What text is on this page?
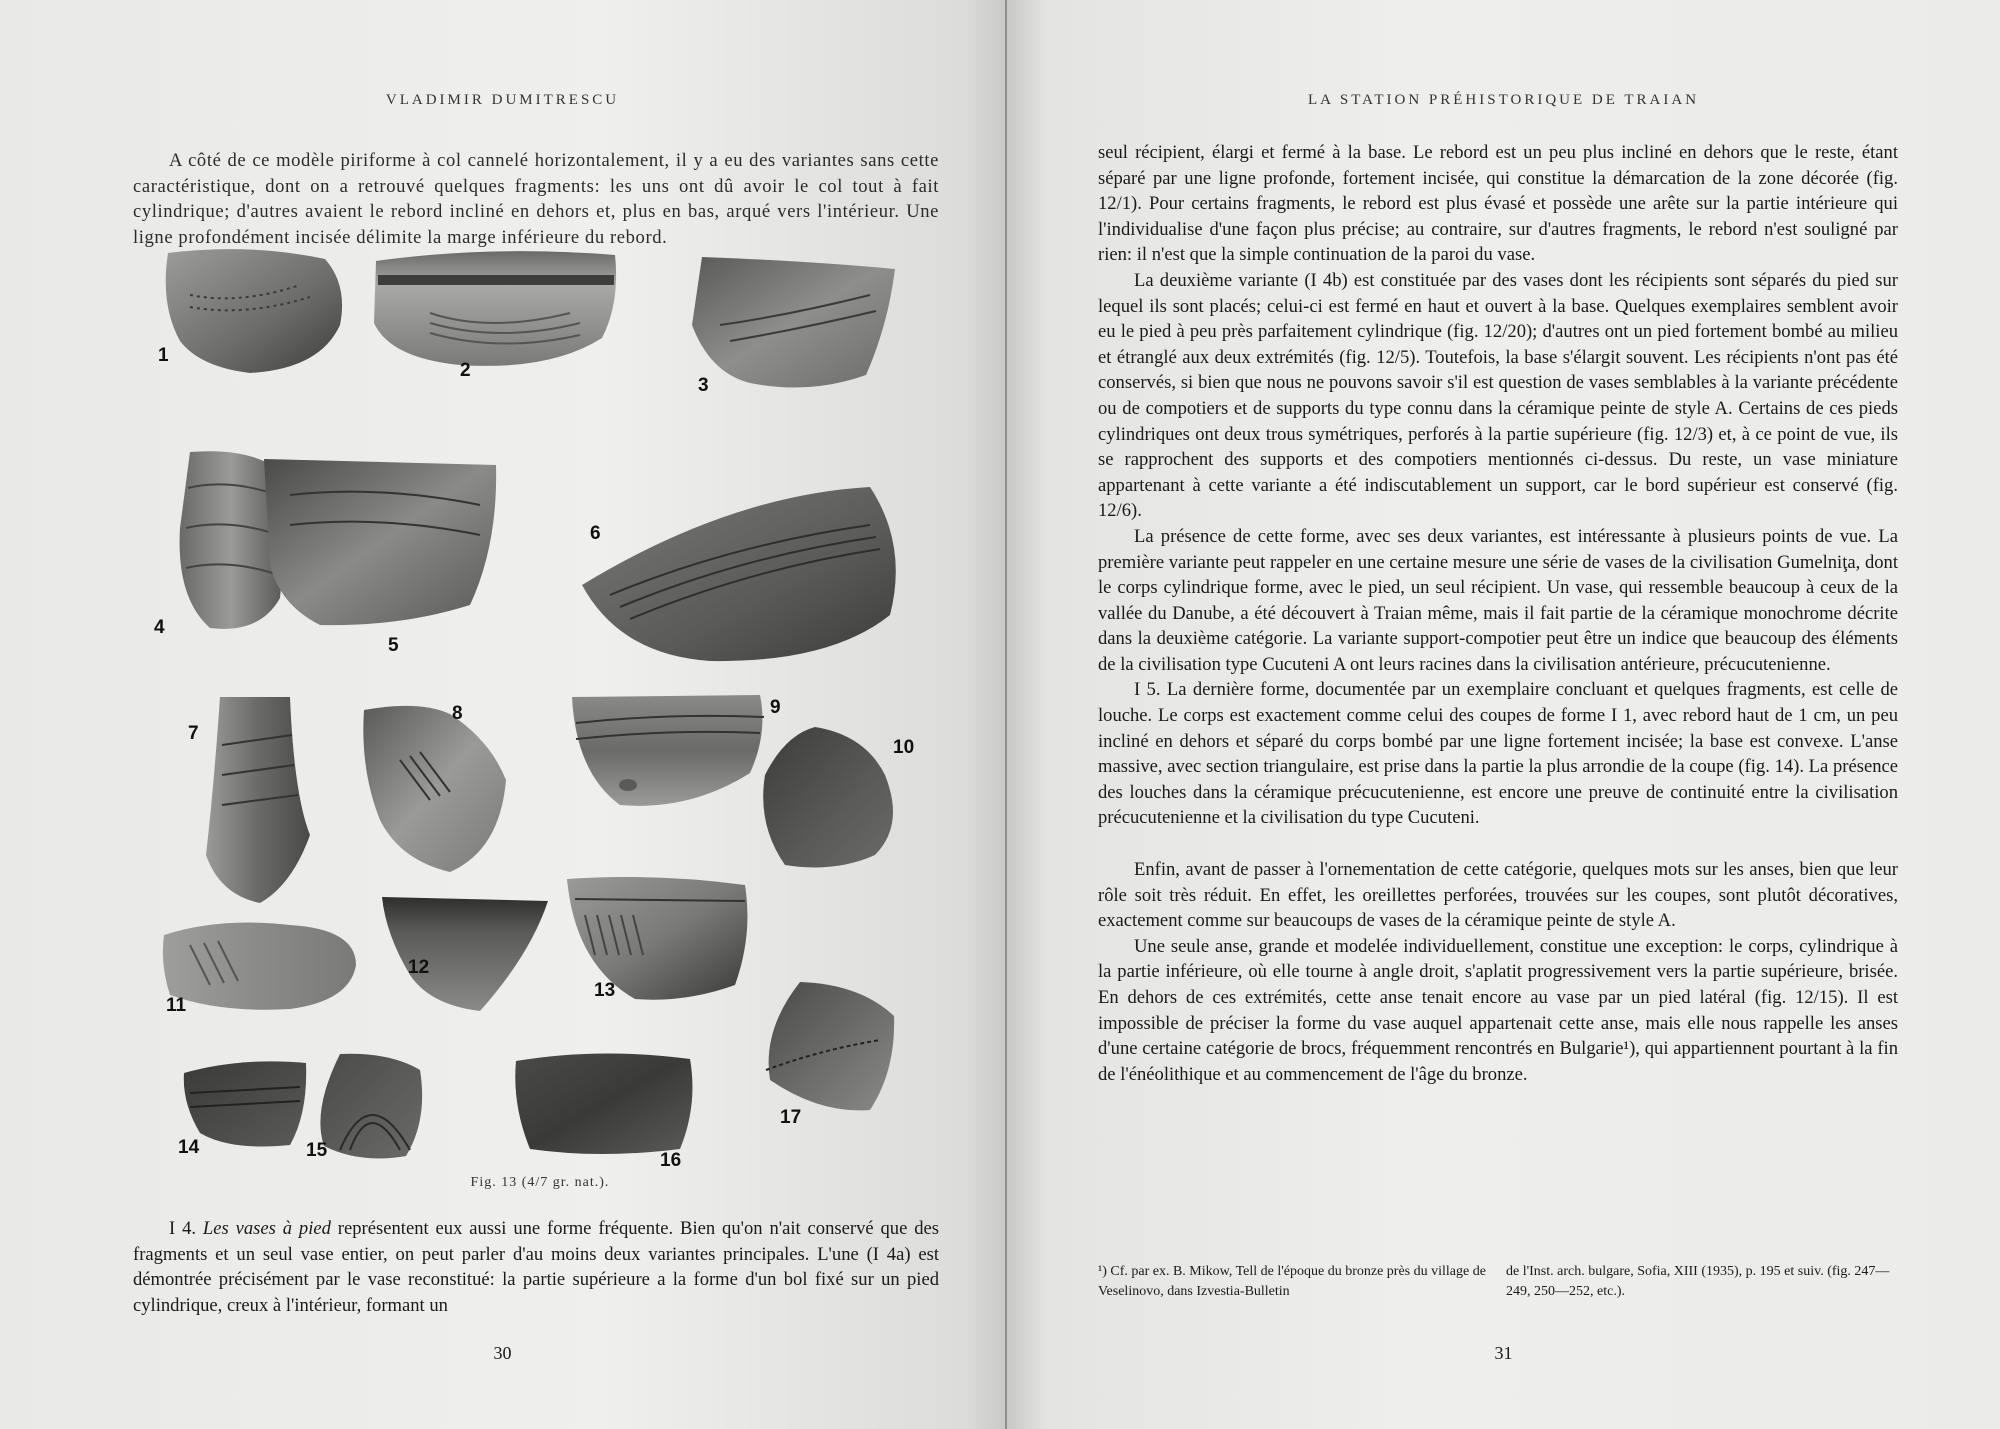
VLADIMIR DUMITRESCU

A côté de ce modèle piriforme à col cannelé horizontalement, il y a eu des variantes sans cette caractéristique, dont on a retrouvé quelques fragments: les uns ont dû avoir le col tout à fait cylindrique; d'autres avaient le rebord incliné en dehors et, plus en bas, arqué vers l'intérieur. Une ligne profondément incisée délimite la marge inférieure du rebord.

1
2
3
4
5
6
7
8	9
10
11
12
13
14	15	16
17
Fig. 13 (4/7 gr. nat.).

I 4. Les vases à pied représentent eux aussi une forme fréquente. Bien qu'on n'ait conservé que des fragments et un seul vase entier, on peut parler d'au moins deux variantes principales. L'une (I 4a) est démontrée précisément par le vase reconstitué: la partie supérieure a la forme d'un bol fixé sur un pied cylindrique, creux à l'intérieur, formant un

30
LA STATION PRÉHISTORIQUE DE TRAIAN

seul récipient, élargi et fermé à la base. Le rebord est un peu plus incliné en dehors que le reste, étant séparé par une ligne profonde, fortement incisée, qui constitue la démarcation de la zone décorée (fig. 12/1). Pour certains fragments, le rebord est plus évasé et possède une arête sur la partie intérieure qui l'individualise d'une façon plus précise; au contraire, sur d'autres fragments, le rebord n'est souligné par rien: il n'est que la simple continuation de la paroi du vase.

La deuxième variante (I 4b) est constituée par des vases dont les récipients sont séparés du pied sur lequel ils sont placés; celui-ci est fermé en haut et ouvert à la base. Quelques exemplaires semblent avoir eu le pied à peu près parfaitement cylindrique (fig. 12/20); d'autres ont un pied fortement bombé au milieu et étranglé aux deux extrémités (fig. 12/5). Toutefois, la base s'élargit souvent. Les récipients n'ont pas été conservés, si bien que nous ne pouvons savoir s'il est question de vases semblables à la variante précédente ou de compotiers et de supports du type connu dans la céramique peinte de style A. Certains de ces pieds cylindriques ont deux trous symétriques, perforés à la partie supérieure (fig. 12/3) et, à ce point de vue, ils se rapprochent des supports et des compotiers mentionnés ci-dessus. Du reste, un vase miniature appartenant à cette variante a été indiscutablement un support, car le bord supérieur est conservé (fig. 12/6).

La présence de cette forme, avec ses deux variantes, est intéressante à plusieurs points de vue. La première variante peut rappeler en une certaine mesure une série de vases de la civilisation Gumelniţa, dont le corps cylindrique forme, avec le pied, un seul récipient. Un vase, qui ressemble beaucoup à ceux de la vallée du Danube, a été découvert à Traian même, mais il fait partie de la céramique monochrome décrite dans la deuxième catégorie. La variante support-compotier peut être un indice que beaucoup des éléments de la civilisation type Cucuteni A ont leurs racines dans la civilisation antérieure, précucutenienne.

I 5. La dernière forme, documentée par un exemplaire concluant et quelques fragments, est celle de louche. Le corps est exactement comme celui des coupes de forme I 1, avec rebord haut de 1 cm, un peu incliné en dehors et séparé du corps bombé par une ligne fortement incisée; la base est convexe. L'anse massive, avec section triangulaire, est prise dans la partie la plus arrondie de la coupe (fig. 14). La présence des louches dans la céramique précucutenienne, est encore une preuve de continuité entre la civilisation précucutenienne et la civilisation du type Cucuteni.

Enfin, avant de passer à l'ornementation de cette catégorie, quelques mots sur les anses, bien que leur rôle soit très réduit. En effet, les oreillettes perforées, trouvées sur les coupes, sont plutôt décoratives, exactement comme sur beaucoups de vases de la céramique peinte de style A.

Une seule anse, grande et modelée individuellement, constitue une exception: le corps, cylindrique à la partie inférieure, où elle tourne à angle droit, s'aplatit progressivement vers la partie supérieure, brisée. En dehors de ces extrémités, cette anse tenait encore au vase par un pied latéral (fig. 12/15). Il est impossible de préciser la forme du vase auquel appartenait cette anse, mais elle nous rappelle les anses d'une certaine catégorie de brocs, fréquemment rencontrés en Bulgarie¹), qui appartiennent pourtant à la fin de l'énéolithique et au commencement de l'âge du bronze.

¹) Cf. par ex. B. Mikow, Tell de l'époque du bronze près du village de Veselinovo, dans Izvestia-Bulletin
de l'Inst. arch. bulgare, Sofia, XIII (1935), p. 195 et suiv. (fig. 247—249, 250—252, etc.).
31
